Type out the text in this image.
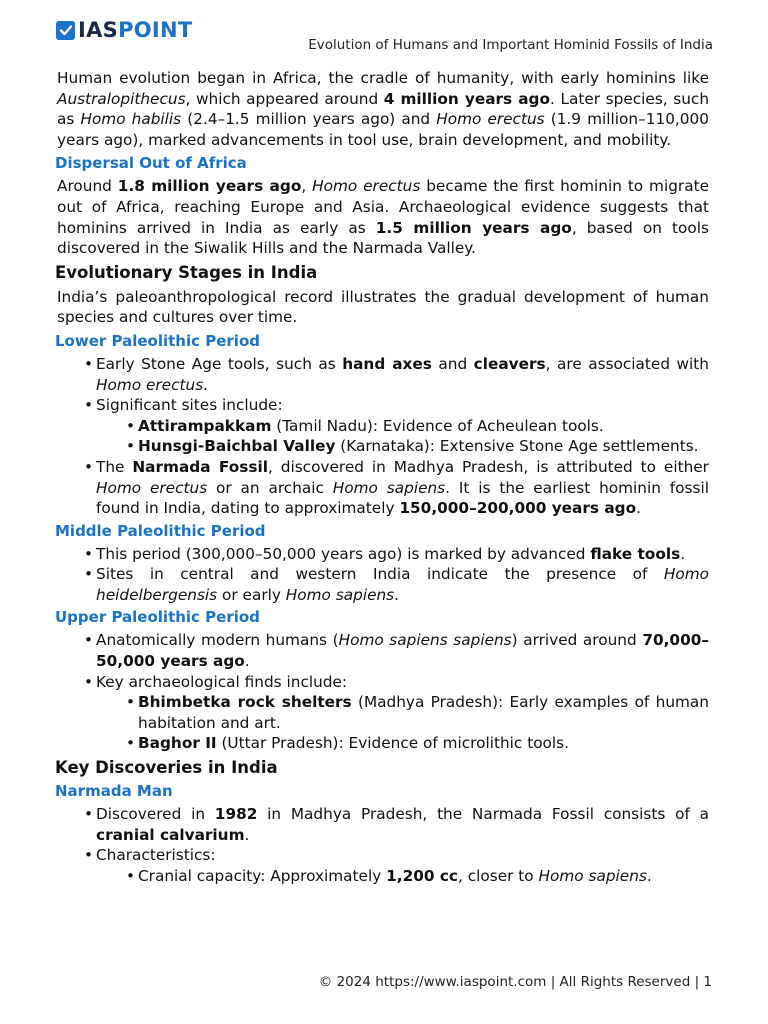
IASPOINT
Evolution of Humans and Important Hominid Fossils of India

Human evolution began in Africa, the cradle of humanity, with early hominins like Australopithecus, which appeared around 4 million years ago. Later species, such as Homo habilis (2.4–1.5 million years ago) and Homo erectus (1.9 million–110,000 years ago), marked advancements in tool use, brain development, and mobility.

Dispersal Out of Africa

Around 1.8 million years ago, Homo erectus became the first hominin to migrate out of Africa, reaching Europe and Asia. Archaeological evidence suggests that hominins arrived in India as early as 1.5 million years ago, based on tools discovered in the Siwalik Hills and the Narmada Valley.

Evolutionary Stages in India

India’s paleoanthropological record illustrates the gradual development of human species and cultures over time.

Lower Paleolithic Period
• Early Stone Age tools, such as hand axes and cleavers, are associated with Homo erectus.
• Significant sites include:
• Attirampakkam (Tamil Nadu): Evidence of Acheulean tools.
• Hunsgi-Baichbal Valley (Karnataka): Extensive Stone Age settlements.
• The Narmada Fossil, discovered in Madhya Pradesh, is attributed to either Homo erectus or an archaic Homo sapiens. It is the earliest hominin fossil found in India, dating to approximately 150,000–200,000 years ago.
Middle Paleolithic Period
• This period (300,000–50,000 years ago) is marked by advanced flake tools.
• Sites in central and western India indicate the presence of Homo heidelbergensis or early Homo sapiens.
Upper Paleolithic Period
• Anatomically modern humans (Homo sapiens sapiens) arrived around 70,000–50,000 years ago.
• Key archaeological finds include:
• Bhimbetka rock shelters (Madhya Pradesh): Early examples of human habitation and art.
• Baghor II (Uttar Pradesh): Evidence of microlithic tools.
Key Discoveries in India
Narmada Man
• Discovered in 1982 in Madhya Pradesh, the Narmada Fossil consists of a cranial calvarium.
• Characteristics:
• Cranial capacity: Approximately 1,200 cc, closer to Homo sapiens.
© 2024 https://www.iaspoint.com | All Rights Reserved | 1
